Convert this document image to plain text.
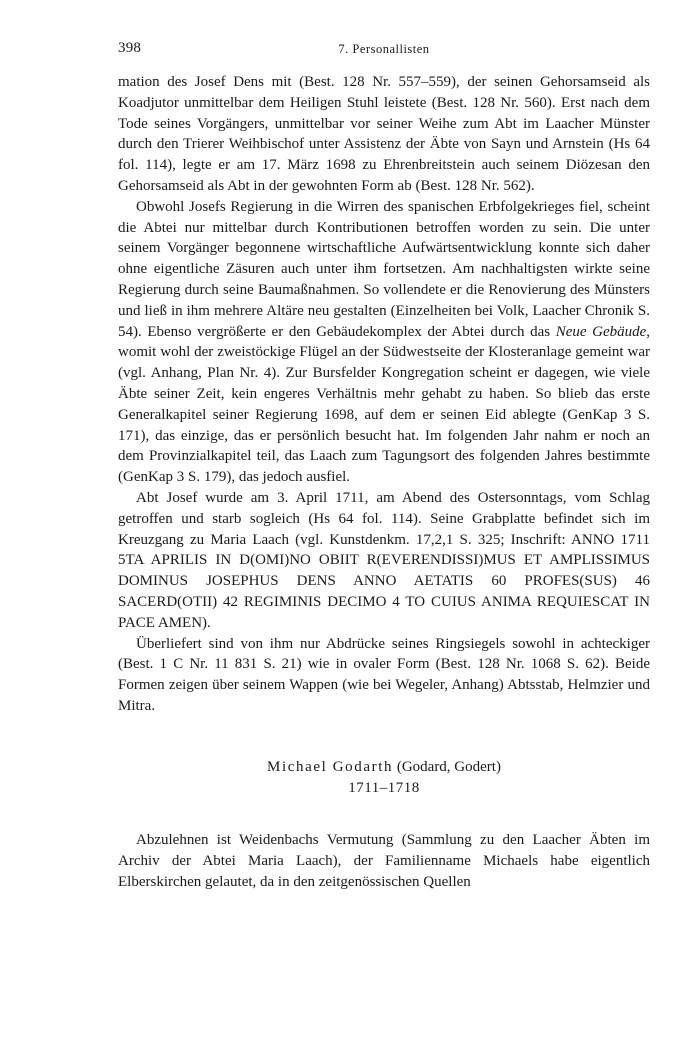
398	7. Personallisten

mation des Josef Dens mit (Best. 128 Nr. 557–559), der seinen Gehorsamseid als Koadjutor unmittelbar dem Heiligen Stuhl leistete (Best. 128 Nr. 560). Erst nach dem Tode seines Vorgängers, unmittelbar vor seiner Weihe zum Abt im Laacher Münster durch den Trierer Weihbischof unter Assistenz der Äbte von Sayn und Arnstein (Hs 64 fol. 114), legte er am 17. März 1698 zu Ehrenbreitstein auch seinem Diözesan den Gehorsamseid als Abt in der gewohnten Form ab (Best. 128 Nr. 562).

Obwohl Josefs Regierung in die Wirren des spanischen Erbfolgekrieges fiel, scheint die Abtei nur mittelbar durch Kontributionen betroffen worden zu sein. Die unter seinem Vorgänger begonnene wirtschaftliche Aufwärtsentwicklung konnte sich daher ohne eigentliche Zäsuren auch unter ihm fortsetzen. Am nachhaltigsten wirkte seine Regierung durch seine Baumaßnahmen. So vollendete er die Renovierung des Münsters und ließ in ihm mehrere Altäre neu gestalten (Einzelheiten bei Volk, Laacher Chronik S. 54). Ebenso vergrößerte er den Gebäudekomplex der Abtei durch das Neue Gebäude, womit wohl der zweistöckige Flügel an der Südwestseite der Klosteranlage gemeint war (vgl. Anhang, Plan Nr. 4). Zur Bursfelder Kongregation scheint er dagegen, wie viele Äbte seiner Zeit, kein engeres Verhältnis mehr gehabt zu haben. So blieb das erste Generalkapitel seiner Regierung 1698, auf dem er seinen Eid ablegte (GenKap 3 S. 171), das einzige, das er persönlich besucht hat. Im folgenden Jahr nahm er noch an dem Provinzialkapitel teil, das Laach zum Tagungsort des folgenden Jahres bestimmte (GenKap 3 S. 179), das jedoch ausfiel.

Abt Josef wurde am 3. April 1711, am Abend des Ostersonntags, vom Schlag getroffen und starb sogleich (Hs 64 fol. 114). Seine Grabplatte befindet sich im Kreuzgang zu Maria Laach (vgl. Kunstdenkm. 17,2,1 S. 325; Inschrift: ANNO 1711 5TA APRILIS IN D(OMI)NO OBIIT R(EVERENDISSI)MUS ET AMPLISSIMUS DOMINUS JOSEPHUS DENS ANNO AETATIS 60 PROFES(SUS) 46 SACERD(OTII) 42 REGIMINIS DECIMO 4 TO CUIUS ANIMA REQUIESCAT IN PACE AMEN).

Überliefert sind von ihm nur Abdrücke seines Ringsiegels sowohl in achteckiger (Best. 1 C Nr. 11 831 S. 21) wie in ovaler Form (Best. 128 Nr. 1068 S. 62). Beide Formen zeigen über seinem Wappen (wie bei Wegeler, Anhang) Abtsstab, Helmzier und Mitra.

Michael Godarth (Godard, Godert)
1711–1718

Abzulehnen ist Weidenbachs Vermutung (Sammlung zu den Laacher Äbten im Archiv der Abtei Maria Laach), der Familienname Michaels habe eigentlich Elberskirchen gelautet, da in den zeitgenössischen Quellen
